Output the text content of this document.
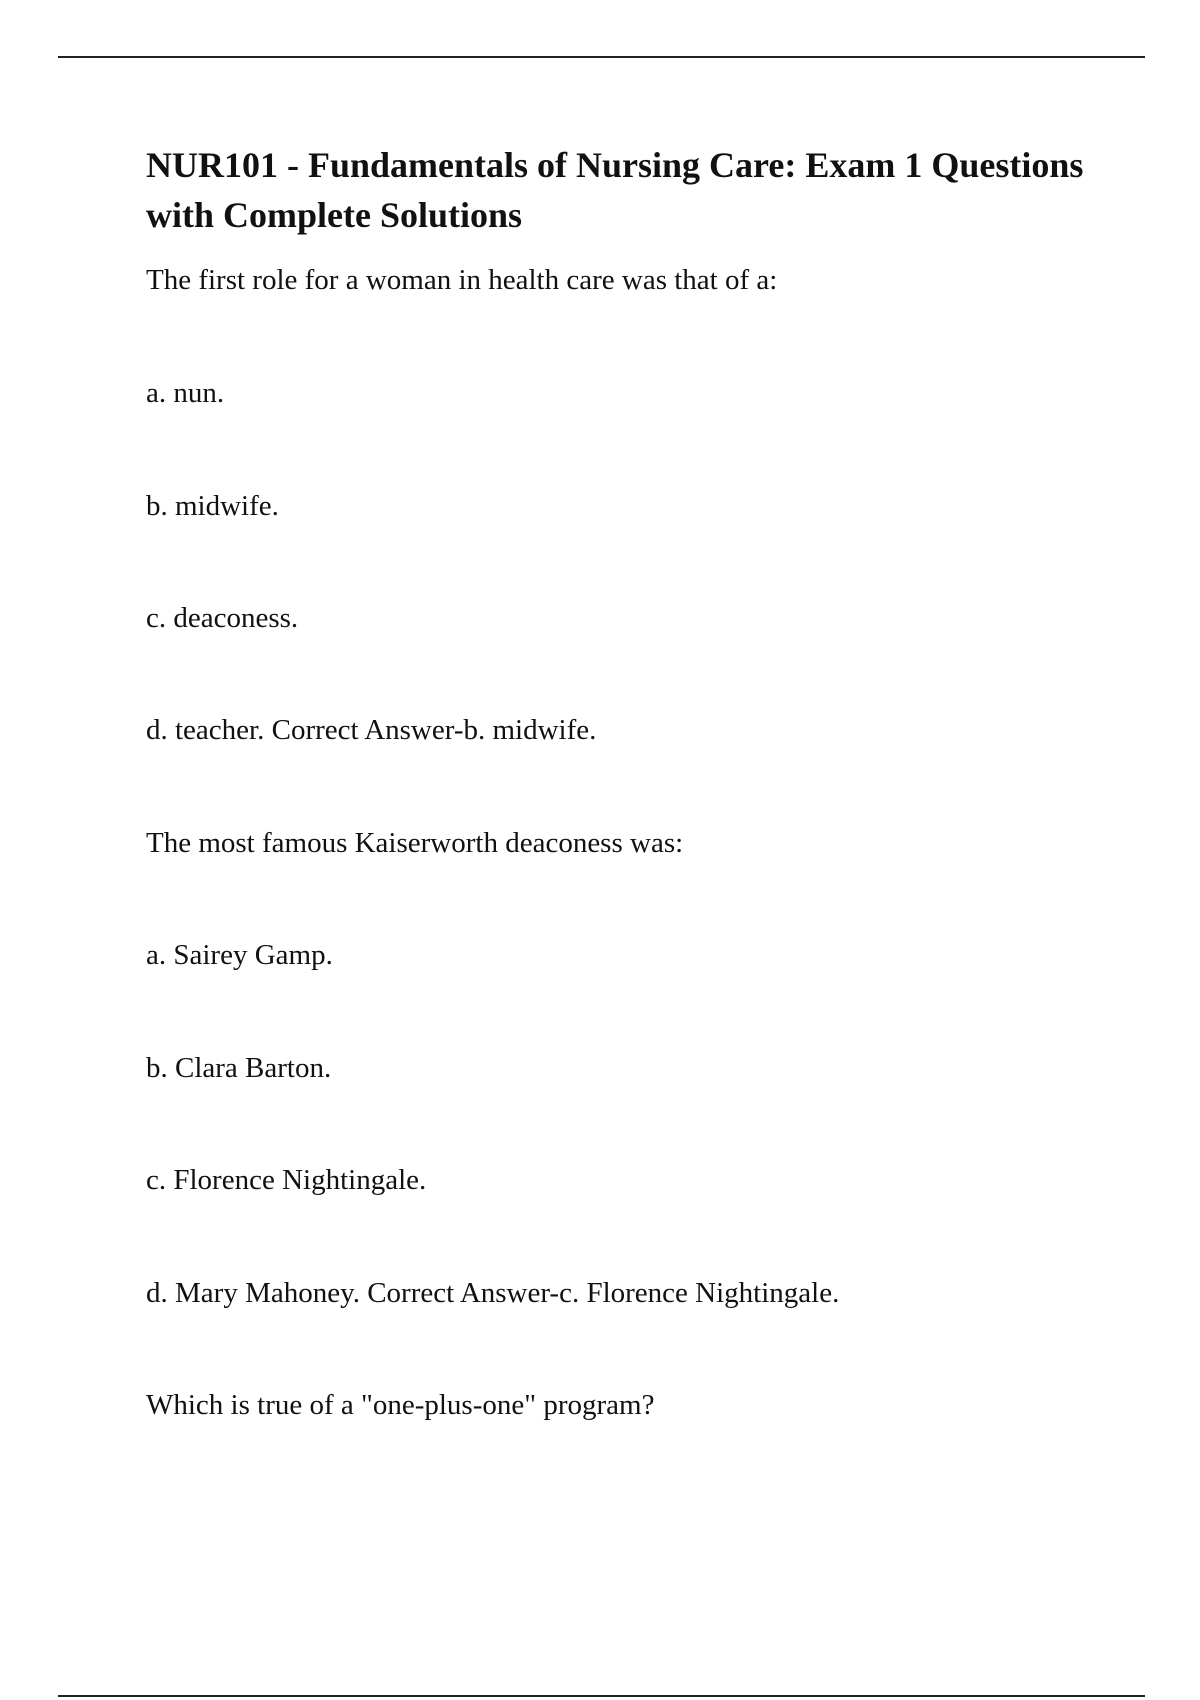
NUR101 - Fundamentals of Nursing Care: Exam 1 Questions with Complete Solutions

The first role for a woman in health care was that of a:

a. nun.

b. midwife.

c. deaconess.

d. teacher. Correct Answer-b. midwife.

The most famous Kaiserworth deaconess was:

a. Sairey Gamp.

b. Clara Barton.

c. Florence Nightingale.

d. Mary Mahoney. Correct Answer-c. Florence Nightingale.

Which is true of a "one-plus-one" program?
